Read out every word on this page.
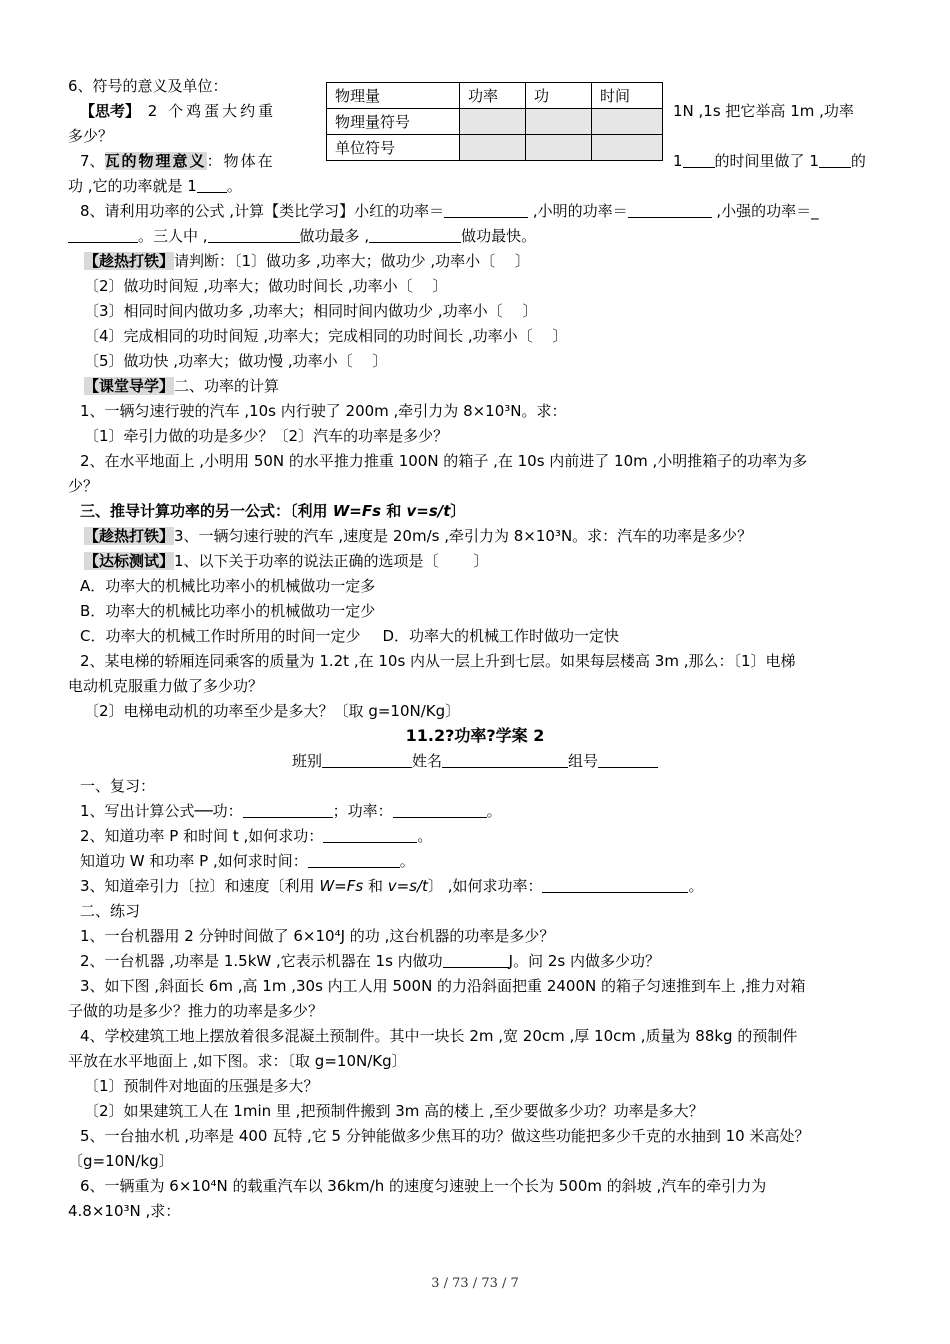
6、符号的意义及单位：
【思考】 2 个鸡蛋大约重	1N ,1s 把它举高 1m ,功率
多少？
物理量	功率	功	时间
物理量符号			
单位符号			
7、瓦的物理意义：物体在	1 的时间里做了 1 的
功 ,它的功率就是 1 。
8、请利用功率的公式 ,计算【类比学习】小红的功率＝	,小明的功率＝	,小强的功率＝_
。三人中 ,	做功最多 ,	做功最快。
【趁热打铁】请判断：〔1〕做功多 ,功率大；做功少 ,功率小〔　 〕
〔2〕做功时间短 ,功率大；做功时间长 ,功率小〔　 〕
〔3〕相同时间内做功多 ,功率大；相同时间内做功少 ,功率小〔　 〕
〔4〕完成相同的功时间短 ,功率大；完成相同的功时间长 ,功率小〔　 〕
〔5〕做功快 ,功率大；做功慢 ,功率小〔　 〕
【课堂导学】二、功率的计算
1、一辆匀速行驶的汽车 ,10s 内行驶了 200m ,牵引力为 8×10³N。求：
〔1〕牵引力做的功是多少？〔2〕汽车的功率是多少？
2、在水平地面上 ,小明用 50N 的水平推力推重 100N 的箱子 ,在 10s 内前进了 10m ,小明推箱子的功率为多
少？
三、推导计算功率的另一公式：〔利用 W=Fs 和 v=s/t〕
【趁热打铁】3、一辆匀速行驶的汽车 ,速度是 20m/s ,牵引力为 8×10³N。求：汽车的功率是多少？
【达标测试】1、以下关于功率的说法正确的选项是〔　 　〕
A．功率大的机械比功率小的机械做功一定多
B．功率大的机械比功率小的机械做功一定少
C．功率大的机械工作时所用的时间一定少 D．功率大的机械工作时做功一定快
2、某电梯的轿厢连同乘客的质量为 1.2t ,在 10s 内从一层上升到七层。如果每层楼高 3m ,那么：〔1〕电梯
电动机克服重力做了多少功？
〔2〕电梯电动机的功率至少是多大？〔取 g=10N/Kg〕
11.2?功率?学案 2
班别	姓名	组号
一、复习：
1、写出计算公式──功：	；功率：	。
2、知道功率 P 和时间 t ,如何求功：	。
知道功 W 和功率 P ,如何求时间：	。
3、知道牵引力〔拉〕和速度〔利用 W=Fs 和 v=s/t〕 ,如何求功率：	。
二、练习
1、一台机器用 2 分钟时间做了 6×10⁴J 的功 ,这台机器的功率是多少？
2、一台机器 ,功率是 1.5kW ,它表示机器在 1s 内做功	J。问 2s 内做多少功？
3、如下图 ,斜面长 6m ,高 1m ,30s 内工人用 500N 的力沿斜面把重 2400N 的箱子匀速推到车上 ,推力对箱
子做的功是多少？推力的功率是多少？
4、学校建筑工地上摆放着很多混凝土预制件。其中一块长 2m ,宽 20cm ,厚 10cm ,质量为 88kg 的预制件
平放在水平地面上 ,如下图。求：〔取 g=10N/Kg〕
〔1〕预制件对地面的压强是多大？
〔2〕如果建筑工人在 1min 里 ,把预制件搬到 3m 高的楼上 ,至少要做多少功？功率是多大？
5、一台抽水机 ,功率是 400 瓦特 ,它 5 分钟能做多少焦耳的功？做这些功能把多少千克的水抽到 10 米高处？
〔g=10N/kg〕
6、一辆重为 6×10⁴N 的载重汽车以 36km/h 的速度匀速驶上一个长为 500m 的斜坡 ,汽车的牵引力为
4.8×10³N ,求：
3 / 73 / 73 / 7
